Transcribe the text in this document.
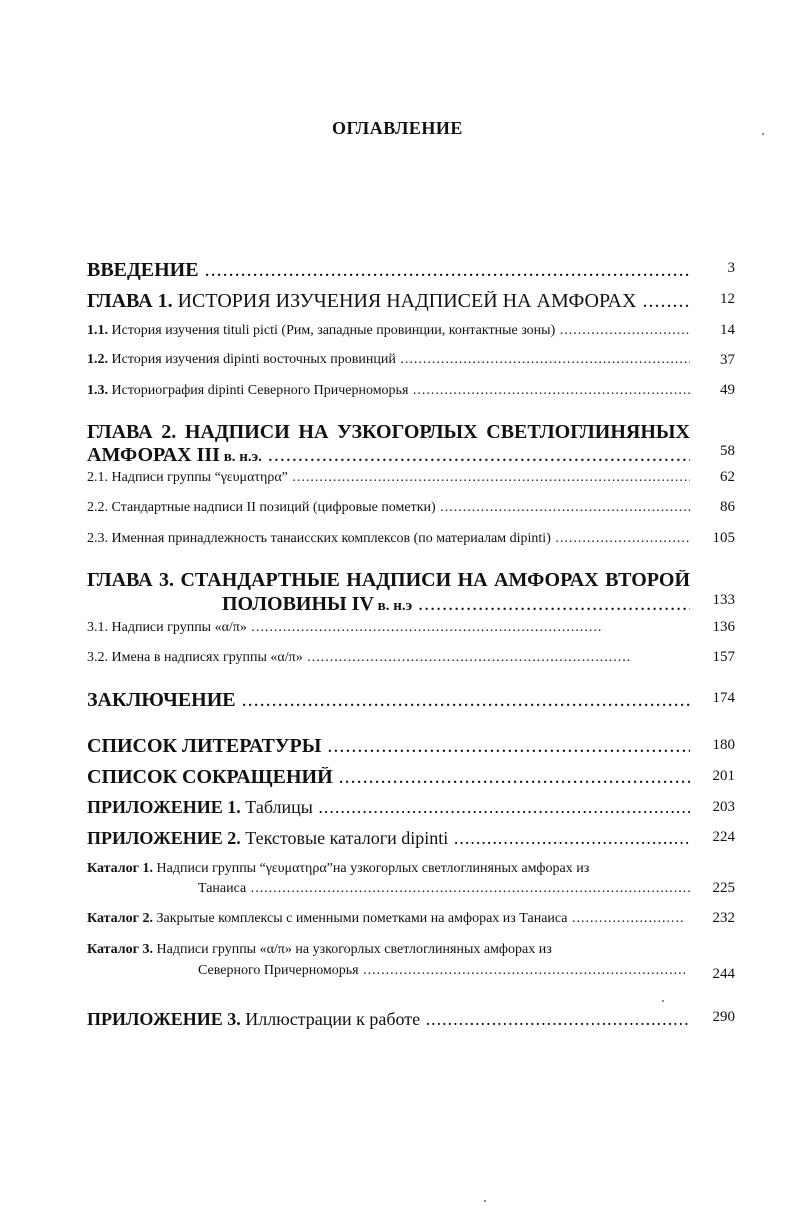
ОГЛАВЛЕНИЕ
ВВЕДЕНИЕ .....	3
ГЛАВА 1. ИСТОРИЯ ИЗУЧЕНИЯ НАДПИСЕЙ НА АМФОРАХ .....	12
1.1. История изучения tituli picti (Рим, западные провинции, контактные зоны) .....	14
1.2. История изучения dipinti восточных провинций .....	37
1.3. Историография dipinti Северного Причерноморья .....	49
ГЛАВА 2. НАДПИСИ НА УЗКОГОРЛЫХ СВЕТЛОГЛИНЯНЫХ
АМФОРАХ III в. н.э. .....	58
2.1. Надписи группы “γευματηρα” .....	62
2.2. Стандартные надписи II позиций (цифровые пометки) .....	86
2.3. Именная принадлежность танаисских комплексов (по материалам dipinti) .....	105
ГЛАВА 3. СТАНДАРТНЫЕ НАДПИСИ НА АМФОРАХ ВТОРОЙ
ПОЛОВИНЫ IV в. н.э .....	133
3.1. Надписи группы «α/π» .....	136
3.2. Имена в надписях группы «α/π» .....	157
ЗАКЛЮЧЕНИЕ .....	174
СПИСОК ЛИТЕРАТУРЫ .....	180
СПИСОК СОКРАЩЕНИЙ .....	201
ПРИЛОЖЕНИЕ 1. Таблицы .....	203
ПРИЛОЖЕНИЕ 2. Текстовые каталоги dipinti .....	224
Каталог 1. Надписи группы “γευματηρα”на узкогорлых светлоглиняных амфорах из
Танаиса .....	225
Каталог 2. Закрытые комплексы с именными пометками на амфорах из Танаиса .....	232
Каталог 3. Надписи группы «α/π» на узкогорлых светлоглиняных амфорах из
Северного Причерноморья .....	244
ПРИЛОЖЕНИЕ 3. Иллюстрации к работе .....	290
